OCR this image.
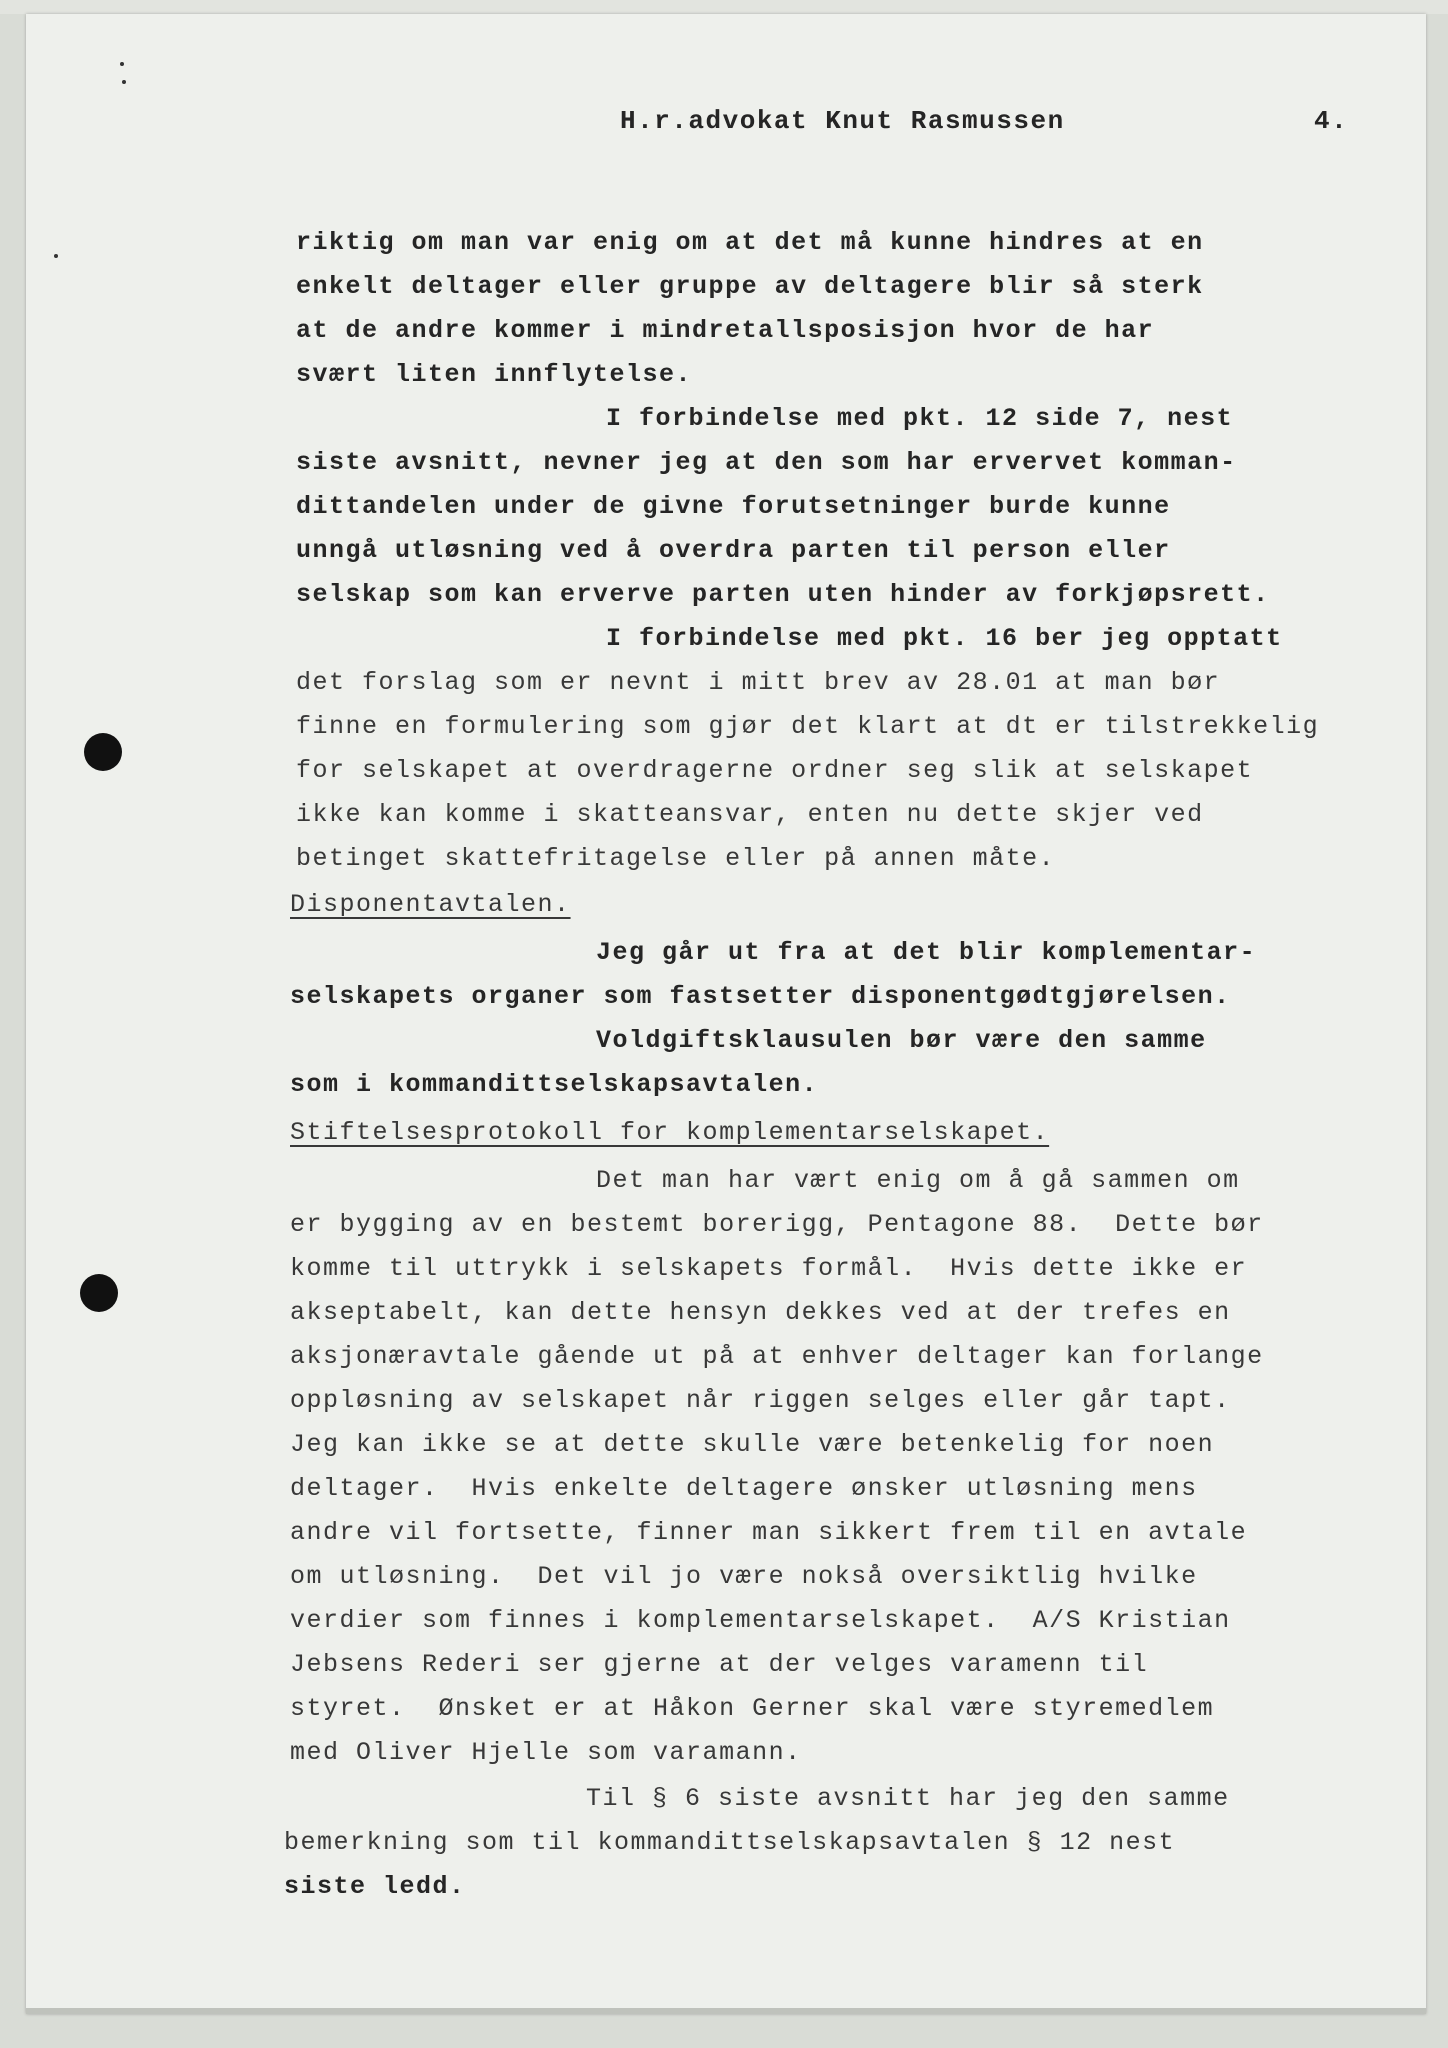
H.r.advokat Knut Rasmussen	4.
riktig om man var enig om at det må kunne hindres at en
enkelt deltager eller gruppe av deltagere blir så sterk
at de andre kommer i mindretallsposisjon hvor de har
svært liten innflytelse.
I forbindelse med pkt. 12 side 7, nest
siste avsnitt, nevner jeg at den som har ervervet komman-
dittandelen under de givne forutsetninger burde kunne
unngå utløsning ved å overdra parten til person eller
selskap som kan erverve parten uten hinder av forkjøpsrett.
I forbindelse med pkt. 16 ber jeg opptatt
det forslag som er nevnt i mitt brev av 28.01 at man bør
finne en formulering som gjør det klart at dt er tilstrekkelig
for selskapet at overdragerne ordner seg slik at selskapet
ikke kan komme i skatteansvar, enten nu dette skjer ved
betinget skattefritagelse eller på annen måte.
Disponentavtalen.
Jeg går ut fra at det blir komplementar-
selskapets organer som fastsetter disponentgødtgjørelsen.
Voldgiftsklausulen bør være den samme
som i kommandittselskapsavtalen.
Stiftelsesprotokoll for komplementarselskapet.
Det man har vært enig om å gå sammen om
er bygging av en bestemt borerigg, Pentagone 88.  Dette bør
komme til uttrykk i selskapets formål.  Hvis dette ikke er
akseptabelt, kan dette hensyn dekkes ved at der trefes en
aksjonæravtale gående ut på at enhver deltager kan forlange
oppløsning av selskapet når riggen selges eller går tapt.
Jeg kan ikke se at dette skulle være betenkelig for noen
deltager.  Hvis enkelte deltagere ønsker utløsning mens
andre vil fortsette, finner man sikkert frem til en avtale
om utløsning.  Det vil jo være nokså oversiktlig hvilke
verdier som finnes i komplementarselskapet.  A/S Kristian
Jebsens Rederi ser gjerne at der velges varamenn til
styret.  Ønsket er at Håkon Gerner skal være styremedlem
med Oliver Hjelle som varamann.
Til § 6 siste avsnitt har jeg den samme
bemerkning som til kommandittselskapsavtalen § 12 nest
siste ledd.
